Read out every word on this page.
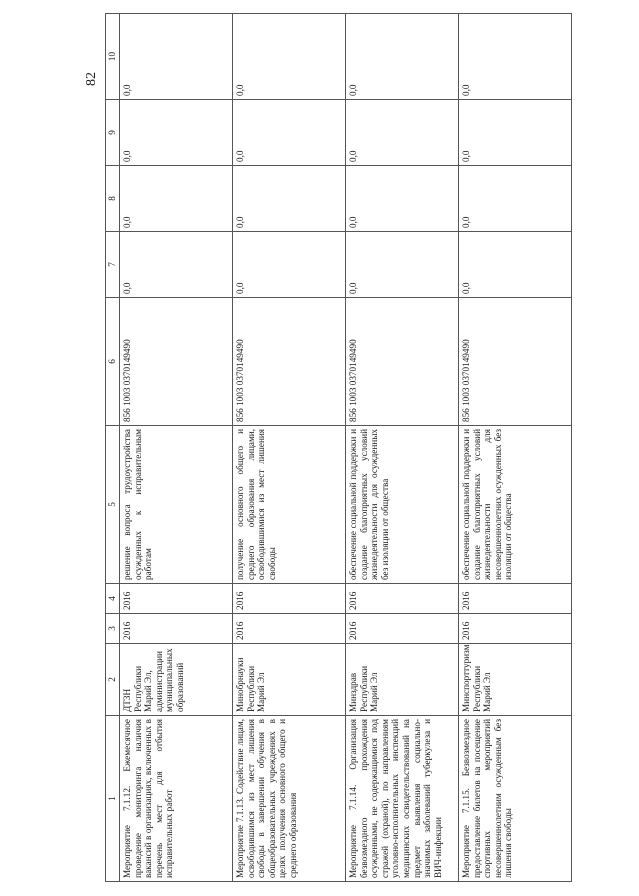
82
1	2	3	4	5	6	7	8	9	10
Мероприятие 7.1.12. Ежемесячное проведение мониторинга наличия вакансий в организациях, включенных в перечень мест для отбытия исправительных работ	ДТЗН Республики Марий Эл, администрации муниципальных образований	2016	2016	решение вопроса трудоустройства осужденных к исправительным работам	856 1003 0370149490	0,0	0,0	0,0	0,0
Мероприятие 7.1.13. Содействие лицам, освободившимся из мест лишения свободы в завершении обучения в общеобразовательных учреждениях в целях получения основного общего и среднего образования	Минобрнауки Республики Марий Эл	2016	2016	получение основного общего и среднего образования лицами, освободившимися из мест лишения свободы	856 1003 0370149490	0,0	0,0	0,0	0,0
Мероприятие 7.1.14. Организация безвозмездного прохождения осужденными, не содержащимися под стражей (охраной), по направлениям уголовно-исполнительных инспекций медицинских освидетельствований на предмет выявления социально-значимых заболеваний туберкулеза и ВИЧ-инфекции	Минздрав Республики Марий Эл	2016	2016	обеспечение социальной поддержки и создание благоприятных условий жизнедеятельности для осужденных без изоляции от общества	856 1003 0370149490	0,0	0,0	0,0	0,0
Мероприятие 7.1.15. Безвозмездное предоставление билетов на посещение спортивных мероприятий несовершеннолетним осужденным без лишения свободы	Минспорттуризм Республики Марий Эл	2016	2016	обеспечение социальной поддержки и создание благоприятных условий жизнедеятельности для несовершеннолетних осужденных без изоляции от общества	856 1003 0370149490	0,0	0,0	0,0	0,0
